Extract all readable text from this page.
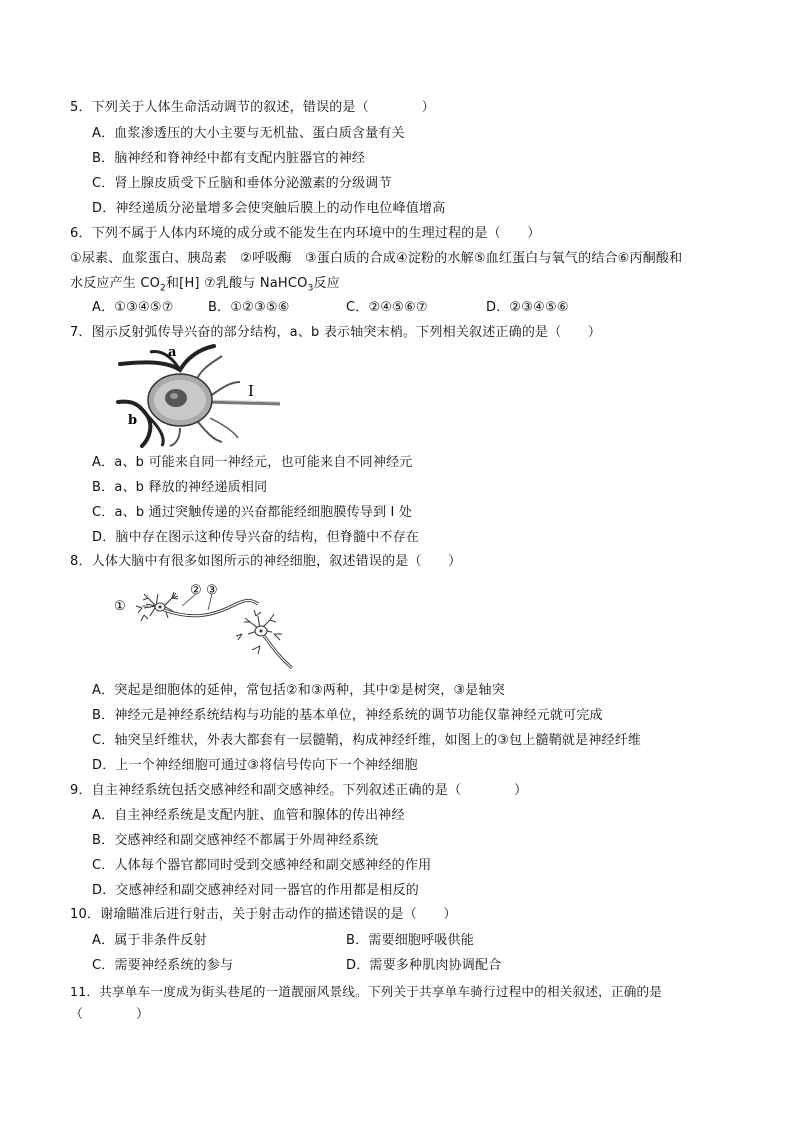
5．下列关于人体生命活动调节的叙述，错误的是（　　　　）
A．血浆渗透压的大小主要与无机盐、蛋白质含量有关
B．脑神经和脊神经中都有支配内脏器官的神经
C．肾上腺皮质受下丘脑和垂体分泌激素的分级调节
D．神经递质分泌量增多会使突触后膜上的动作电位峰值增高
6．下列不属于人体内环境的成分或不能发生在内环境中的生理过程的是（　　）
①尿素、血浆蛋白、胰岛素　②呼吸酶　③蛋白质的合成④淀粉的水解⑤血红蛋白与氧气的结合⑥丙酮酸和
水反应产生 $CO_2$和[H] ⑦乳酸与 NaHCO$_3$反应
A．①③④⑤⑦	B．①②③⑤⑥	C．②④⑤⑥⑦	D．②③④⑤⑥
7．图示反射弧传导兴奋的部分结构，a、b 表示轴突末梢。下列相关叙述正确的是（　　）
a
b
I
A．a、b 可能来自同一神经元，也可能来自不同神经元
B．a、b 释放的神经递质相同
C．a、b 通过突触传递的兴奋都能经细胞膜传导到 I 处
D．脑中存在图示这种传导兴奋的结构，但脊髓中不存在
8．人体大脑中有很多如图所示的神经细胞，叙述错误的是（　　）
①
② ③
A．突起是细胞体的延伸，常包括②和③两种，其中②是树突，③是轴突
B．神经元是神经系统结构与功能的基本单位，神经系统的调节功能仅靠神经元就可完成
C．轴突呈纤维状，外表大都套有一层髓鞘，构成神经纤维，如图上的③包上髓鞘就是神经纤维
D．上一个神经细胞可通过③将信号传向下一个神经细胞
9．自主神经系统包括交感神经和副交感神经。下列叙述正确的是（　　　　）
A．自主神经系统是支配内脏、血管和腺体的传出神经
B．交感神经和副交感神经不都属于外周神经系统
C．人体每个器官都同时受到交感神经和副交感神经的作用
D．交感神经和副交感神经对同一器官的作用都是相反的
10．谢瑜瞄准后进行射击，关于射击动作的描述错误的是（　　）
A．属于非条件反射	B．需要细胞呼吸供能
C．需要神经系统的参与	D．需要多种肌肉协调配合
11．共享单车一度成为街头巷尾的一道靓丽风景线。下列关于共享单车骑行过程中的相关叙述，正确的是
（　　　　）
